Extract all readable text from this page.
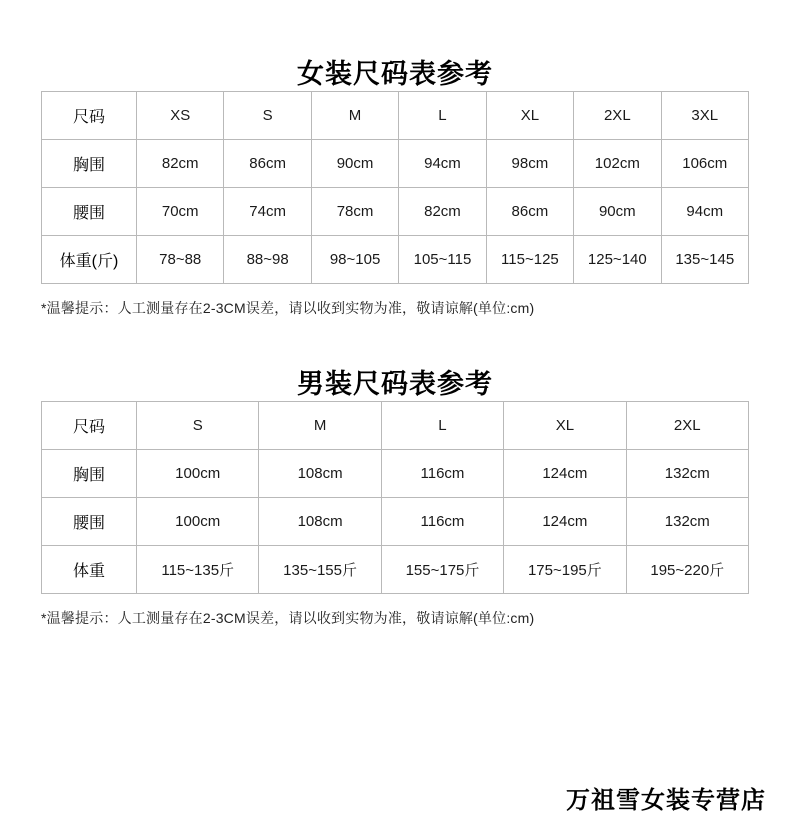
女装尺码表参考
尺码	XS	S	M	L	XL	2XL	3XL
胸围	82cm	86cm	90cm	94cm	98cm	102cm	106cm
腰围	70cm	74cm	78cm	82cm	86cm	90cm	94cm
体重(斤)	78~88	88~98	98~105	105~115	115~125	125~140	135~145
*温馨提示：人工测量存在2-3CM误差，请以收到实物为准，敬请谅解(单位:cm)
男装尺码表参考
尺码	S	M	L	XL	2XL
胸围	100cm	108cm	116cm	124cm	132cm
腰围	100cm	108cm	116cm	124cm	132cm
体重	115~135斤	135~155斤	155~175斤	175~195斤	195~220斤
*温馨提示：人工测量存在2-3CM误差，请以收到实物为准，敬请谅解(单位:cm)
万祖雪女装专营店
